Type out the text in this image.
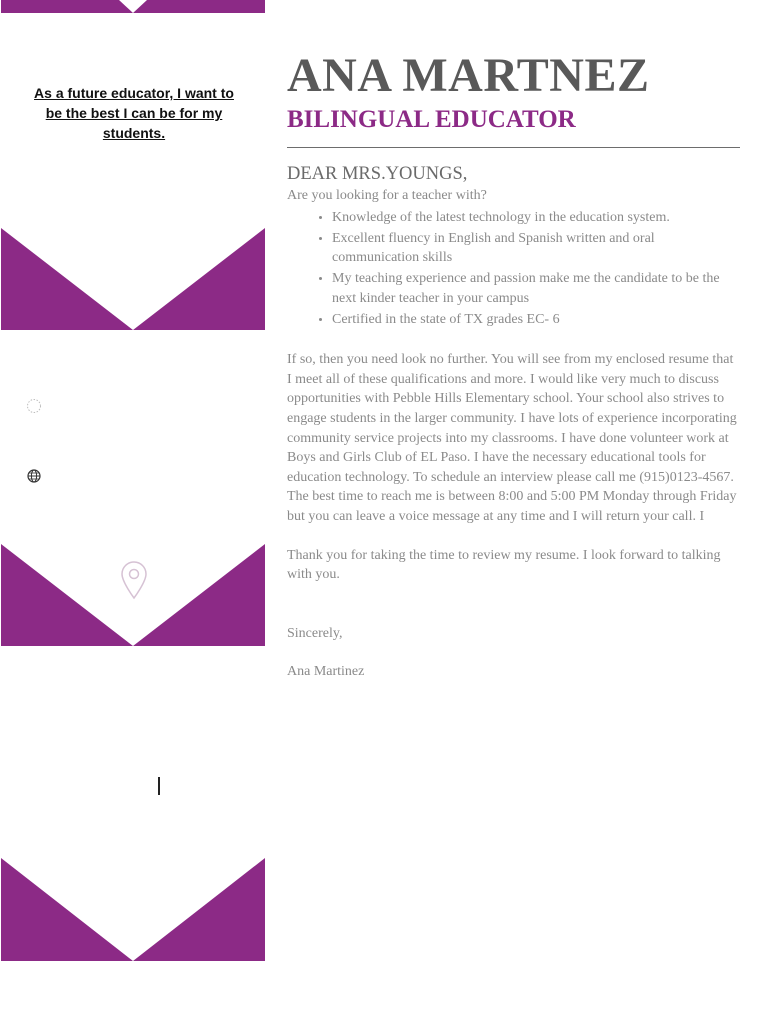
As a future educator, I want to be the best I can be for my students.
ANA MARTNEZ
BILINGUAL EDUCATOR

DEAR MRS.YOUNGS,

Are you looking for a teacher with?

• Knowledge of the latest technology in the education system.
• Excellent fluency in English and Spanish written and oral communication skills
• My teaching experience and passion make me the candidate to be the next kinder teacher in your campus
• Certified in the state of TX grades EC- 6

If so, then you need look no further. You will see from my enclosed resume that I meet all of these qualifications and more. I would like very much to discuss opportunities with Pebble Hills Elementary school. Your school also strives to engage students in the larger community. I have lots of experience incorporating community service projects into my classrooms. I have done volunteer work at Boys and Girls Club of EL Paso. I have the necessary educational tools for education technology. To schedule an interview please call me (915)0123-4567. The best time to reach me is between 8:00 and 5:00 PM Monday through Friday but you can leave a voice message at any time and I will return your call. I

Thank you for taking the time to review my resume. I look forward to talking with you.

Sincerely,

Ana Martinez
